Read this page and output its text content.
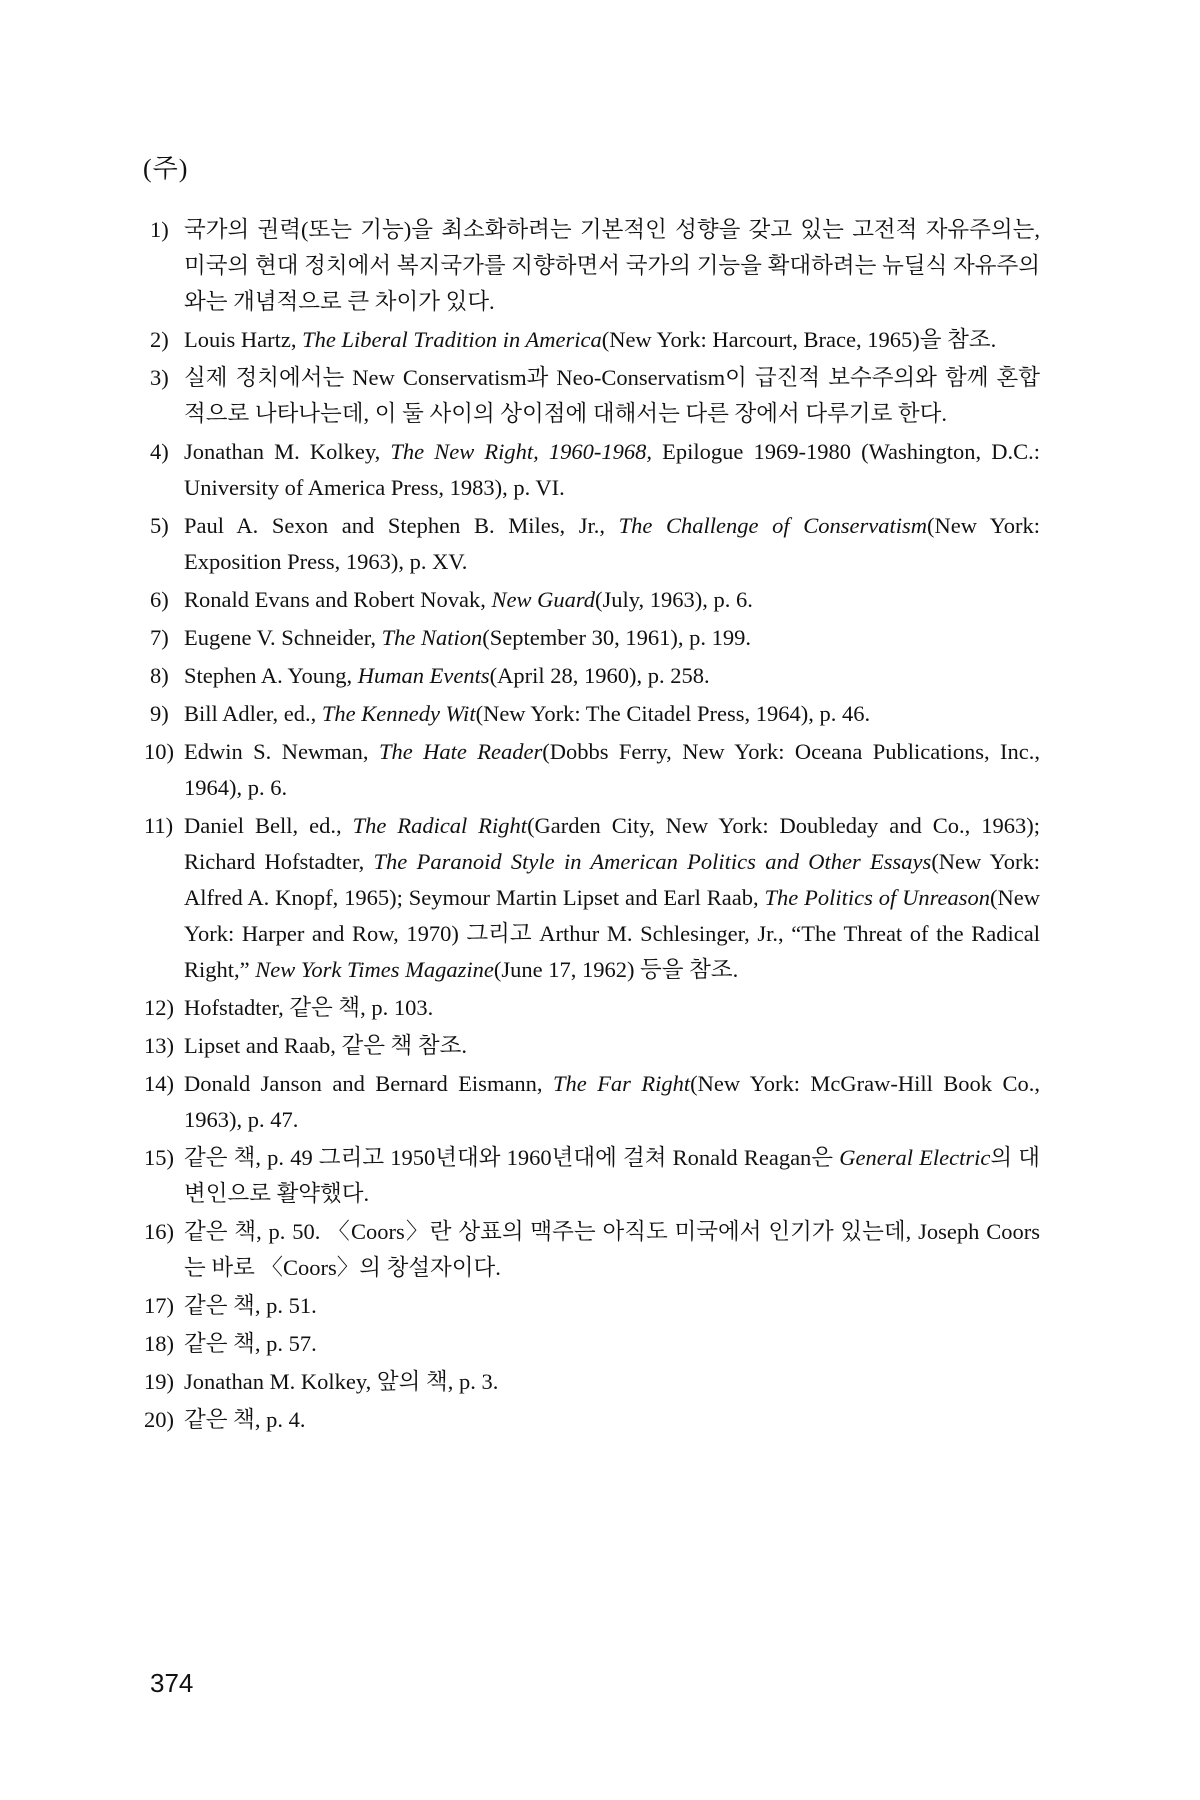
(주)
1) 국가의 권력(또는 기능)을 최소화하려는 기본적인 성향을 갖고 있는 고전적 자유주의는, 미국의 현대 정치에서 복지국가를 지향하면서 국가의 기능을 확대하려는 뉴딜식 자유주의와는 개념적으로 큰 차이가 있다.
2) Louis Hartz, The Liberal Tradition in America(New York: Harcourt, Brace, 1965)을 참조.
3) 실제 정치에서는 New Conservatism과 Neo-Conservatism이 급진적 보수주의와 함께 혼합적으로 나타나는데, 이 둘 사이의 상이점에 대해서는 다른 장에서 다루기로 한다.
4) Jonathan M. Kolkey, The New Right, 1960-1968, Epilogue 1969-1980 (Washington, D.C.: University of America Press, 1983), p. VI.
5) Paul A. Sexon and Stephen B. Miles, Jr., The Challenge of Conservatism(New York: Exposition Press, 1963), p. XV.
6) Ronald Evans and Robert Novak, New Guard(July, 1963), p. 6.
7) Eugene V. Schneider, The Nation(September 30, 1961), p. 199.
8) Stephen A. Young, Human Events(April 28, 1960), p. 258.
9) Bill Adler, ed., The Kennedy Wit(New York: The Citadel Press, 1964), p. 46.
10) Edwin S. Newman, The Hate Reader(Dobbs Ferry, New York: Oceana Publications, Inc., 1964), p. 6.
11) Daniel Bell, ed., The Radical Right(Garden City, New York: Doubleday and Co., 1963); Richard Hofstadter, The Paranoid Style in American Politics and Other Essays(New York: Alfred A. Knopf, 1965); Seymour Martin Lipset and Earl Raab, The Politics of Unreason(New York: Harper and Row, 1970) 그리고 Arthur M. Schlesinger, Jr., “The Threat of the Radical Right,” New York Times Magazine(June 17, 1962) 등을 참조.
12) Hofstadter, 같은 책, p. 103.
13) Lipset and Raab, 같은 책 참조.
14) Donald Janson and Bernard Eismann, The Far Right(New York: McGraw-Hill Book Co., 1963), p. 47.
15) 같은 책, p. 49 그리고 1950년대와 1960년대에 걸쳐 Ronald Reagan은 General Electric의 대변인으로 활약했다.
16) 같은 책, p. 50. 〈Coors〉란 상표의 맥주는 아직도 미국에서 인기가 있는데, Joseph Coors는 바로 〈Coors〉의 창설자이다.
17) 같은 책, p. 51.
18) 같은 책, p. 57.
19) Jonathan M. Kolkey, 앞의 책, p. 3.
20) 같은 책, p. 4.
374
